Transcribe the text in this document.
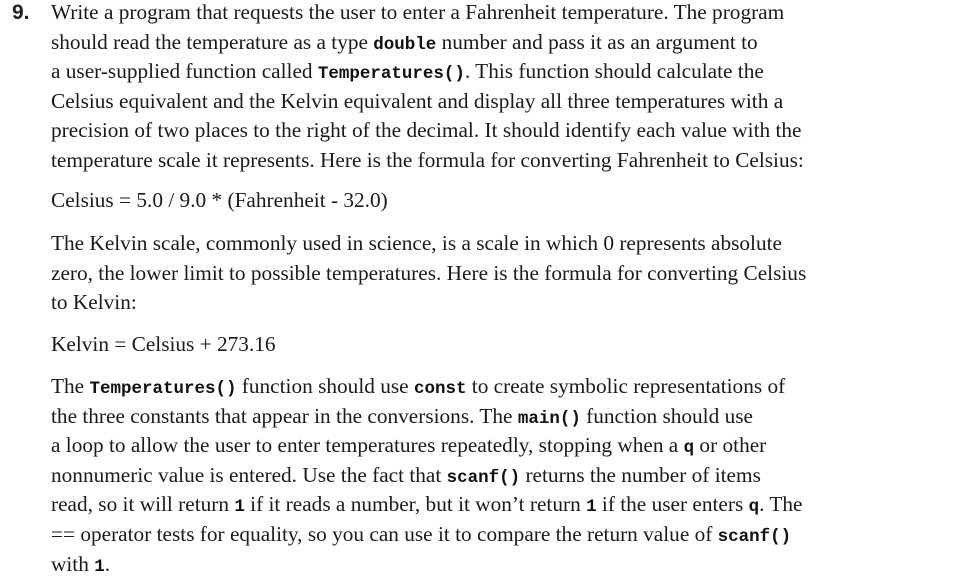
9. Write a program that requests the user to enter a Fahrenheit temperature. The program
should read the temperature as a type double number and pass it as an argument to
a user-supplied function called Temperatures(). This function should calculate the
Celsius equivalent and the Kelvin equivalent and display all three temperatures with a
precision of two places to the right of the decimal. It should identify each value with the
temperature scale it represents. Here is the formula for converting Fahrenheit to Celsius:
Celsius = 5.0 / 9.0 * (Fahrenheit - 32.0)
The Kelvin scale, commonly used in science, is a scale in which 0 represents absolute
zero, the lower limit to possible temperatures. Here is the formula for converting Celsius
to Kelvin:
Kelvin = Celsius + 273.16
The Temperatures() function should use const to create symbolic representations of
the three constants that appear in the conversions. The main() function should use
a loop to allow the user to enter temperatures repeatedly, stopping when a q or other
nonnumeric value is entered. Use the fact that scanf() returns the number of items
read, so it will return 1 if it reads a number, but it won’t return 1 if the user enters q. The
== operator tests for equality, so you can use it to compare the return value of scanf()
with 1.
